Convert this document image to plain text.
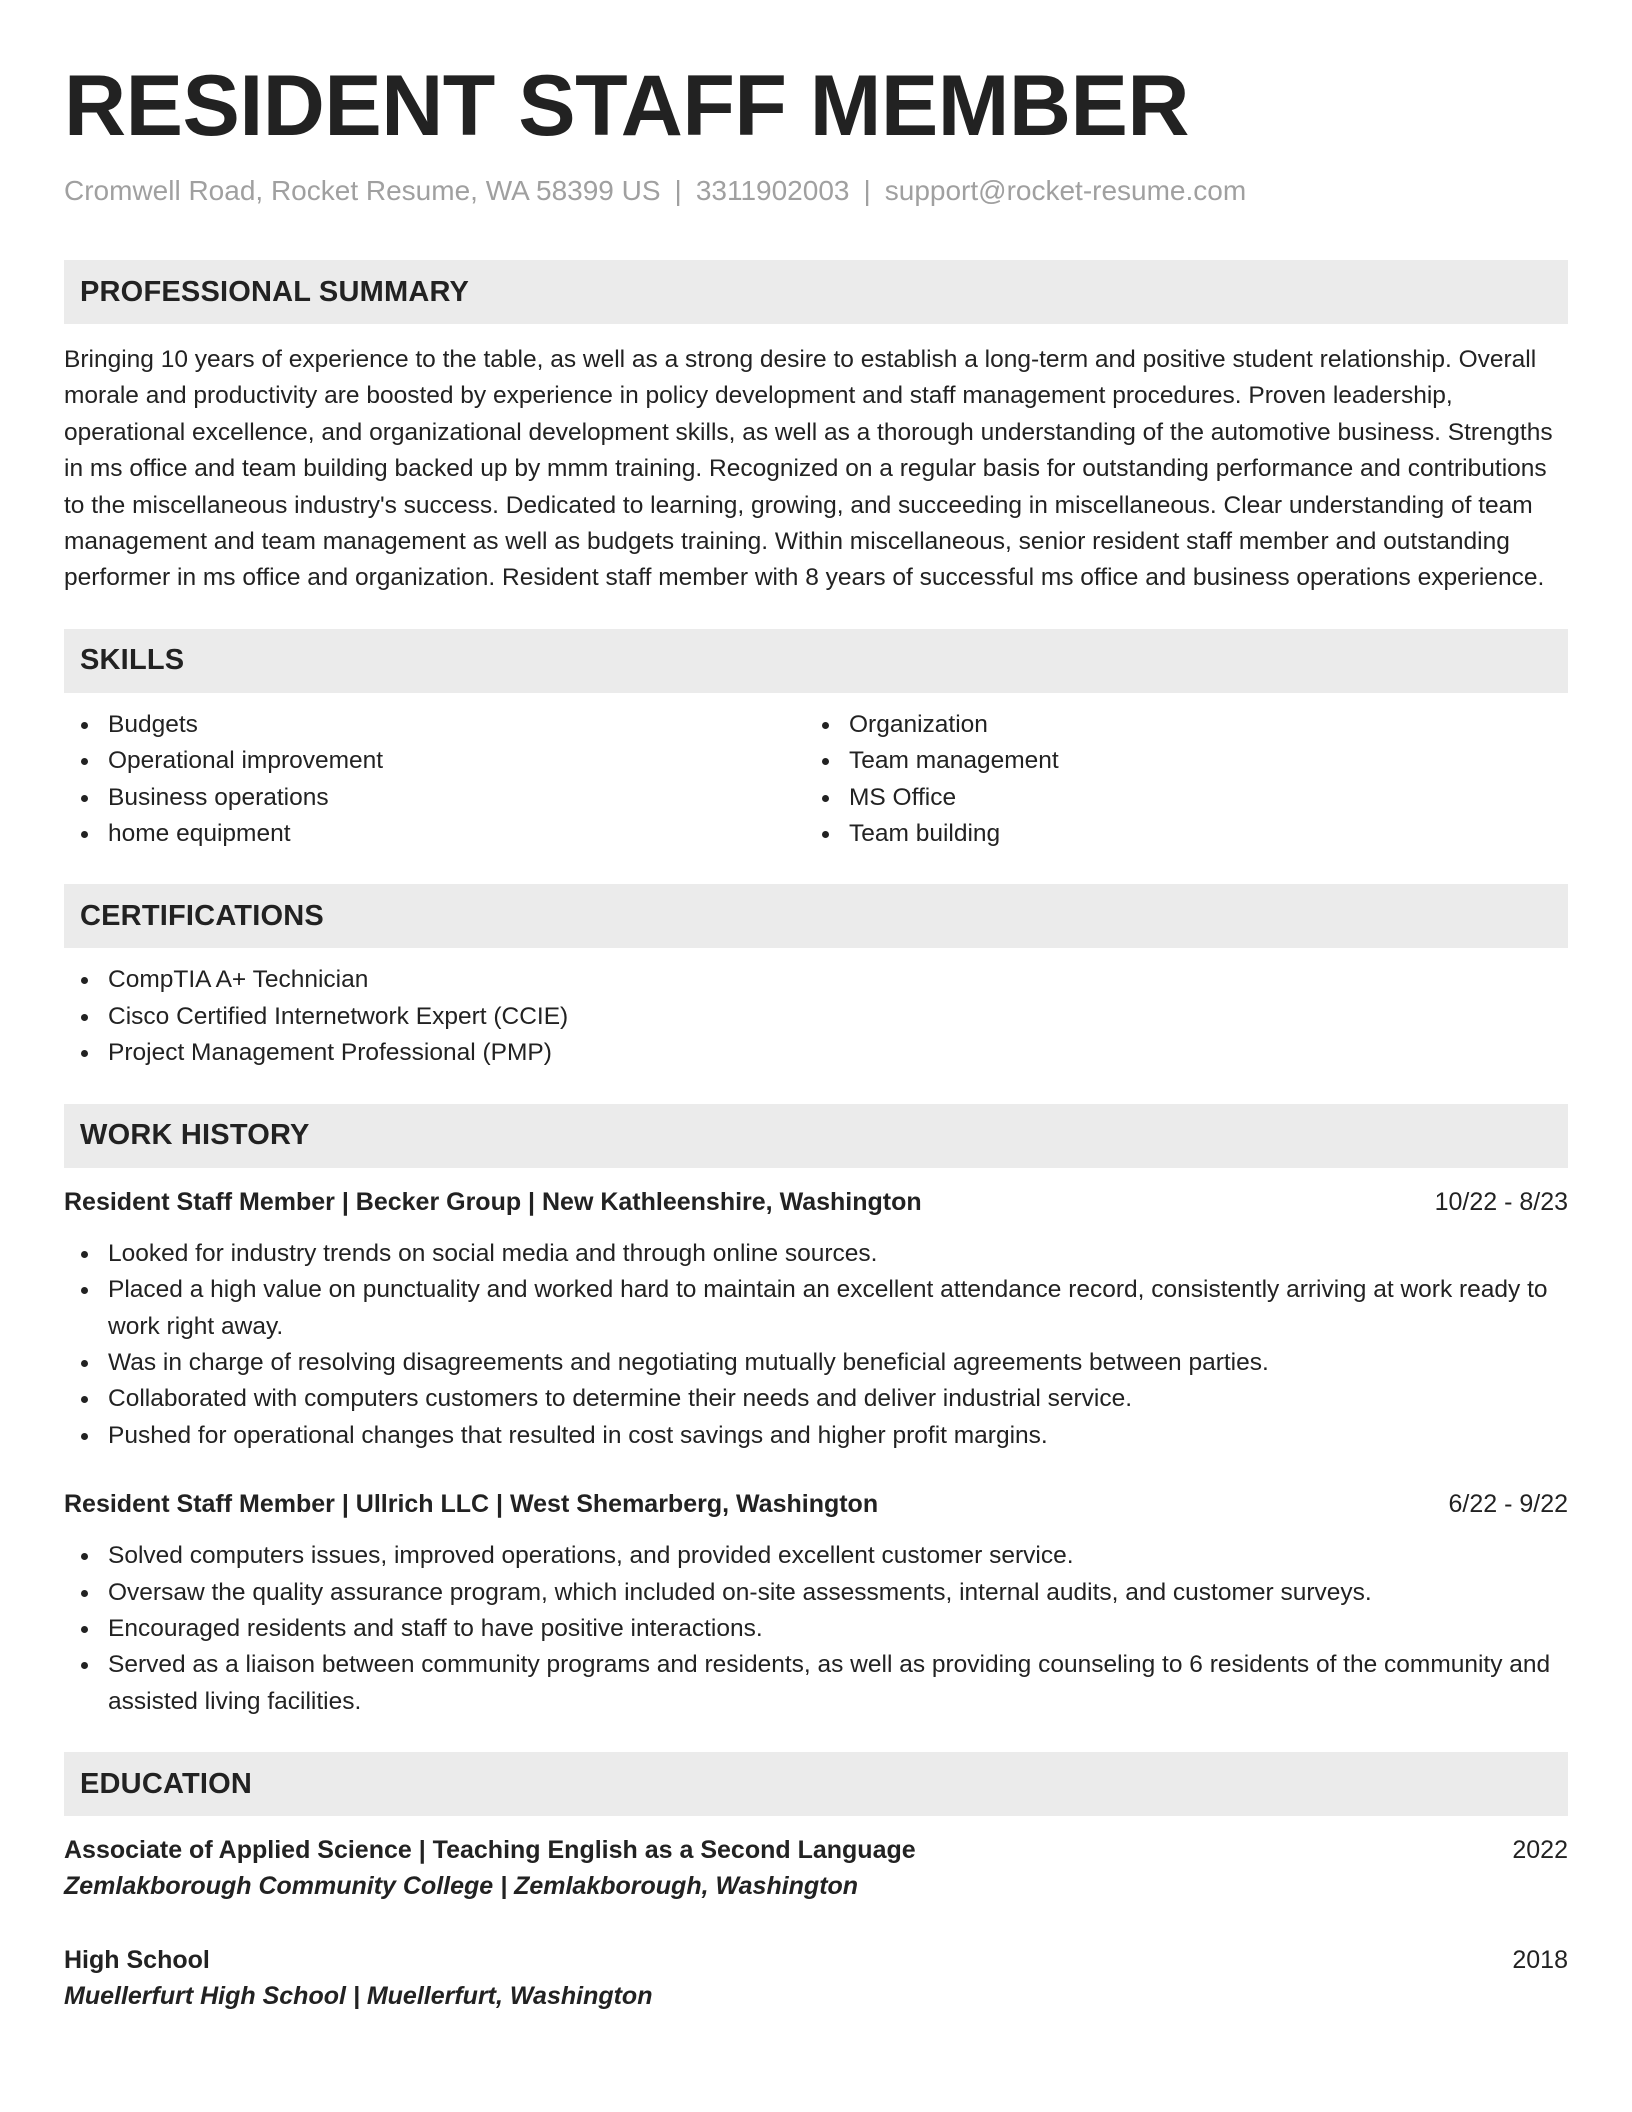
RESIDENT STAFF MEMBER
Cromwell Road, Rocket Resume, WA 58399 US | 3311902003 | support@rocket-resume.com
PROFESSIONAL SUMMARY

Bringing 10 years of experience to the table, as well as a strong desire to establish a long-term and positive student relationship. Overall morale and productivity are boosted by experience in policy development and staff management procedures. Proven leadership, operational excellence, and organizational development skills, as well as a thorough understanding of the automotive business. Strengths in ms office and team building backed up by mmm training. Recognized on a regular basis for outstanding performance and contributions to the miscellaneous industry's success. Dedicated to learning, growing, and succeeding in miscellaneous. Clear understanding of team management and team management as well as budgets training. Within miscellaneous, senior resident staff member and outstanding performer in ms office and organization. Resident staff member with 8 years of successful ms office and business operations experience.

SKILLS
Budgets
Operational improvement
Business operations
home equipment
Organization
Team management
MS Office
Team building
CERTIFICATIONS
CompTIA A+ Technician
Cisco Certified Internetwork Expert (CCIE)
Project Management Professional (PMP)
WORK HISTORY
Resident Staff Member | Becker Group | New Kathleenshire, Washington	10/22 - 8/23
Looked for industry trends on social media and through online sources.
Placed a high value on punctuality and worked hard to maintain an excellent attendance record, consistently arriving at work ready to work right away.
Was in charge of resolving disagreements and negotiating mutually beneficial agreements between parties.
Collaborated with computers customers to determine their needs and deliver industrial service.
Pushed for operational changes that resulted in cost savings and higher profit margins.
Resident Staff Member | Ullrich LLC | West Shemarberg, Washington	6/22 - 9/22
Solved computers issues, improved operations, and provided excellent customer service.
Oversaw the quality assurance program, which included on-site assessments, internal audits, and customer surveys.
Encouraged residents and staff to have positive interactions.
Served as a liaison between community programs and residents, as well as providing counseling to 6 residents of the community and assisted living facilities.
EDUCATION
Associate of Applied Science | Teaching English as a Second Language	2022
Zemlakborough Community College | Zemlakborough, Washington
High School	2018
Muellerfurt High School | Muellerfurt, Washington
